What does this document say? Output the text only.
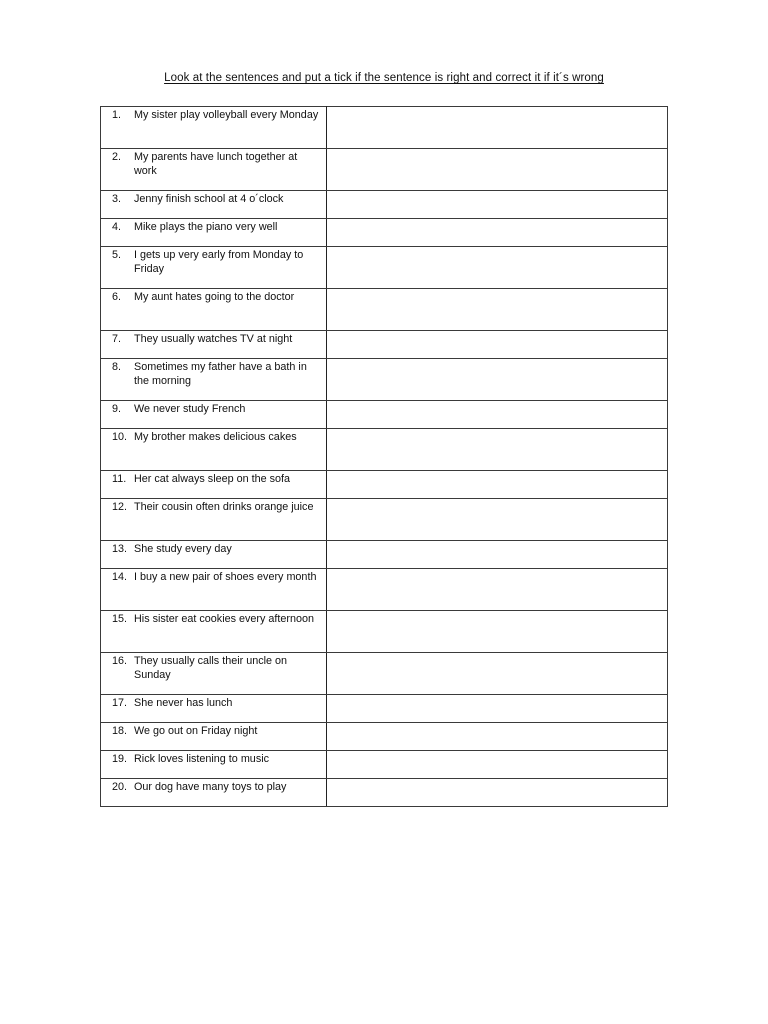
Look at the sentences and put a tick if the sentence is right and correct it if it´s wrong
1. My sister play volleyball every Monday	

2. My parents have lunch together at work	

3. Jenny finish school at 4 o´clock	

4. Mike plays the piano very well	

5. I gets up very early from Monday to Friday	

6. My aunt hates going to the doctor	

7. They usually watches TV at night	

8. Sometimes my father have a bath in the morning	

9. We never study French	

10. My brother makes delicious cakes	

11. Her cat always sleep on the sofa	

12. Their cousin often drinks orange juice	

13. She study every day	

14. I buy a new pair of shoes every month	

15. His sister eat cookies every afternoon	

16. They usually calls their uncle on Sunday	

17. She never has lunch	

18. We go out on Friday night	

19. Rick loves listening to music	

20. Our dog have many toys to play	
